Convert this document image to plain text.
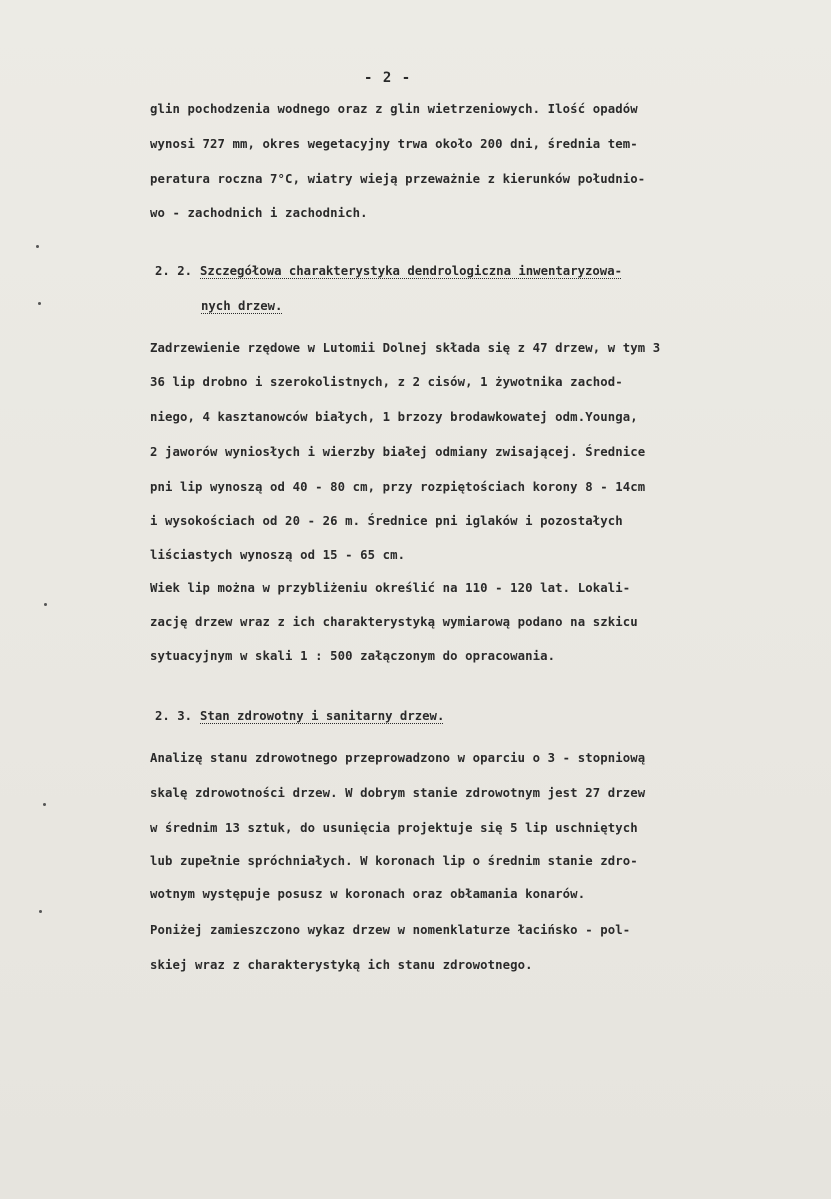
- 2 -
glin pochodzenia wodnego oraz z glin wietrzeniowych. Ilość opadów
wynosi 727 mm, okres wegetacyjny trwa około 200 dni, średnia tem-
peratura roczna 7°C, wiatry wieją przeważnie z kierunków południo-
wo - zachodnich i zachodnich.
2. 2. Szczegółowa charakterystyka dendrologiczna inwentaryzowa-
nych drzew.
Zadrzewienie rzędowe w Lutomii Dolnej składa się z 47 drzew, w tym 3
36 lip drobno i szerokolistnych, z 2 cisów, 1 żywotnika zachod-
niego, 4 kasztanowców białych, 1 brzozy brodawkowatej odm.Younga,
2 jaworów wyniosłych i wierzby białej odmiany zwisającej. Średnice
pni lip wynoszą od 40 - 80 cm, przy rozpiętościach korony 8 - 14cm
i wysokościach od 20 - 26 m. Średnice pni iglaków i pozostałych
liściastych wynoszą od 15 - 65 cm.
Wiek lip można w przybliżeniu określić na 110 - 120 lat. Lokali-
zację drzew wraz z ich charakterystyką wymiarową podano na szkicu
sytuacyjnym w skali 1 : 500 załączonym do opracowania.
2. 3. Stan zdrowotny i sanitarny drzew.
Analizę stanu zdrowotnego przeprowadzono w oparciu o 3 - stopniową
skalę zdrowotności drzew. W dobrym stanie zdrowotnym jest 27 drzew
w średnim 13 sztuk, do usunięcia projektuje się 5 lip uschniętych
lub zupełnie spróchniałych. W koronach lip o średnim stanie zdro-
wotnym występuje posusz w koronach oraz obłamania konarów.
Poniżej zamieszczono wykaz drzew w nomenklaturze łacińsko - pol-
skiej wraz z charakterystyką ich stanu zdrowotnego.
